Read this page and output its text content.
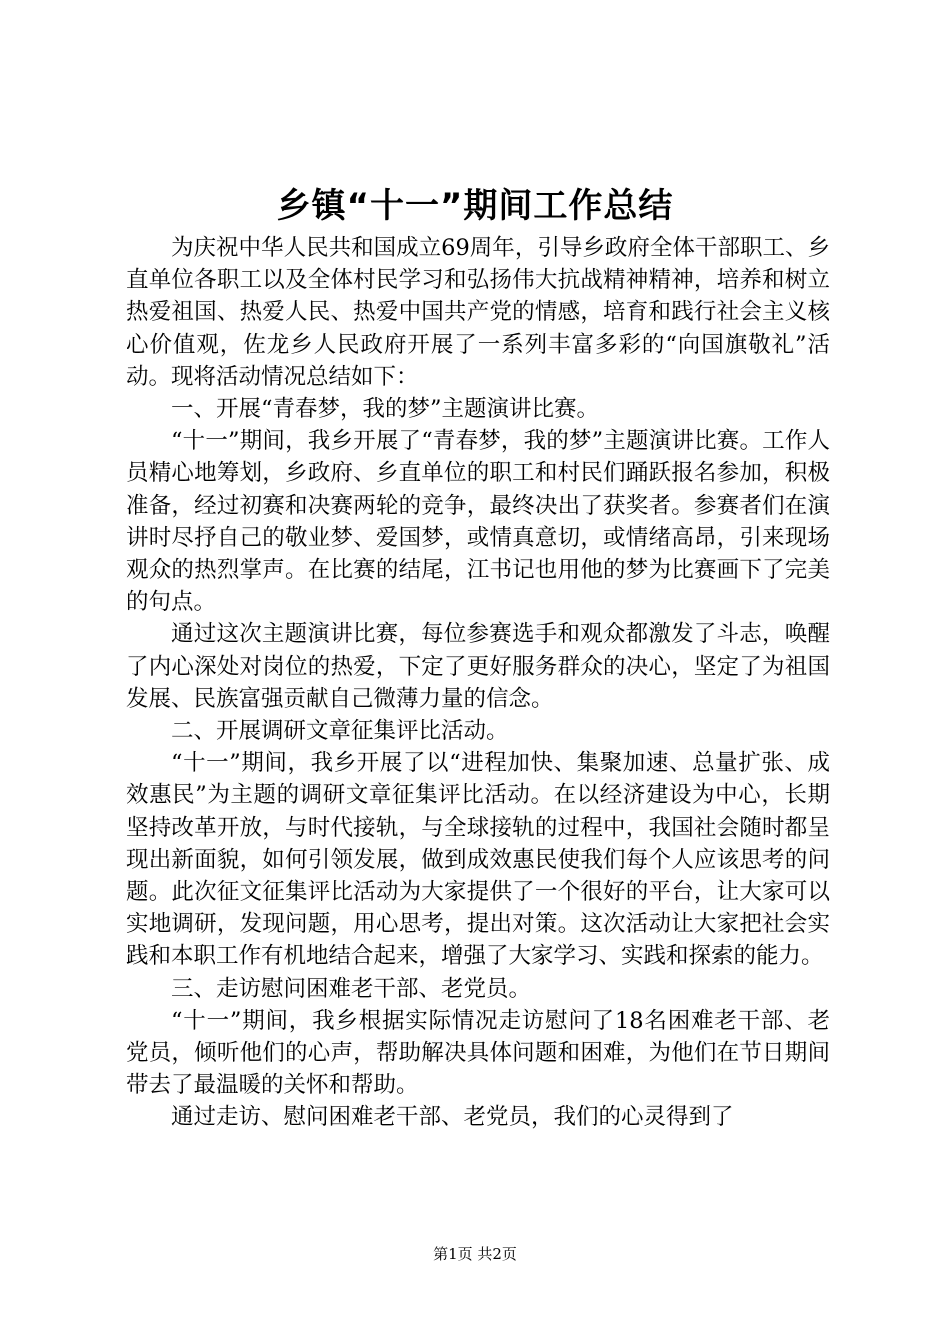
乡镇“十一”期间工作总结

为庆祝中华人民共和国成立69周年，引导乡政府全体干部职工、乡直单位各职工以及全体村民学习和弘扬伟大抗战精神精神，培养和树立热爱祖国、热爱人民、热爱中国共产党的情感，培育和践行社会主义核心价值观，佐龙乡人民政府开展了一系列丰富多彩的“向国旗敬礼”活动。现将活动情况总结如下：

一、开展“青春梦，我的梦”主题演讲比赛。

“十一”期间，我乡开展了“青春梦，我的梦”主题演讲比赛。工作人员精心地筹划，乡政府、乡直单位的职工和村民们踊跃报名参加，积极准备，经过初赛和决赛两轮的竞争，最终决出了获奖者。参赛者们在演讲时尽抒自己的敬业梦、爱国梦，或情真意切，或情绪高昂，引来现场观众的热烈掌声。在比赛的结尾，江书记也用他的梦为比赛画下了完美的句点。

通过这次主题演讲比赛，每位参赛选手和观众都激发了斗志，唤醒了内心深处对岗位的热爱，下定了更好服务群众的决心，坚定了为祖国发展、民族富强贡献自己微薄力量的信念。

二、开展调研文章征集评比活动。

“十一”期间，我乡开展了以“进程加快、集聚加速、总量扩张、成效惠民”为主题的调研文章征集评比活动。在以经济建设为中心，长期坚持改革开放，与时代接轨，与全球接轨的过程中，我国社会随时都呈现出新面貌，如何引领发展，做到成效惠民使我们每个人应该思考的问题。此次征文征集评比活动为大家提供了一个很好的平台，让大家可以实地调研，发现问题，用心思考，提出对策。这次活动让大家把社会实践和本职工作有机地结合起来，增强了大家学习、实践和探索的能力。

三、走访慰问困难老干部、老党员。

“十一”期间，我乡根据实际情况走访慰问了18名困难老干部、老党员，倾听他们的心声，帮助解决具体问题和困难，为他们在节日期间带去了最温暖的关怀和帮助。

通过走访、慰问困难老干部、老党员，我们的心灵得到了

第1页 共2页
